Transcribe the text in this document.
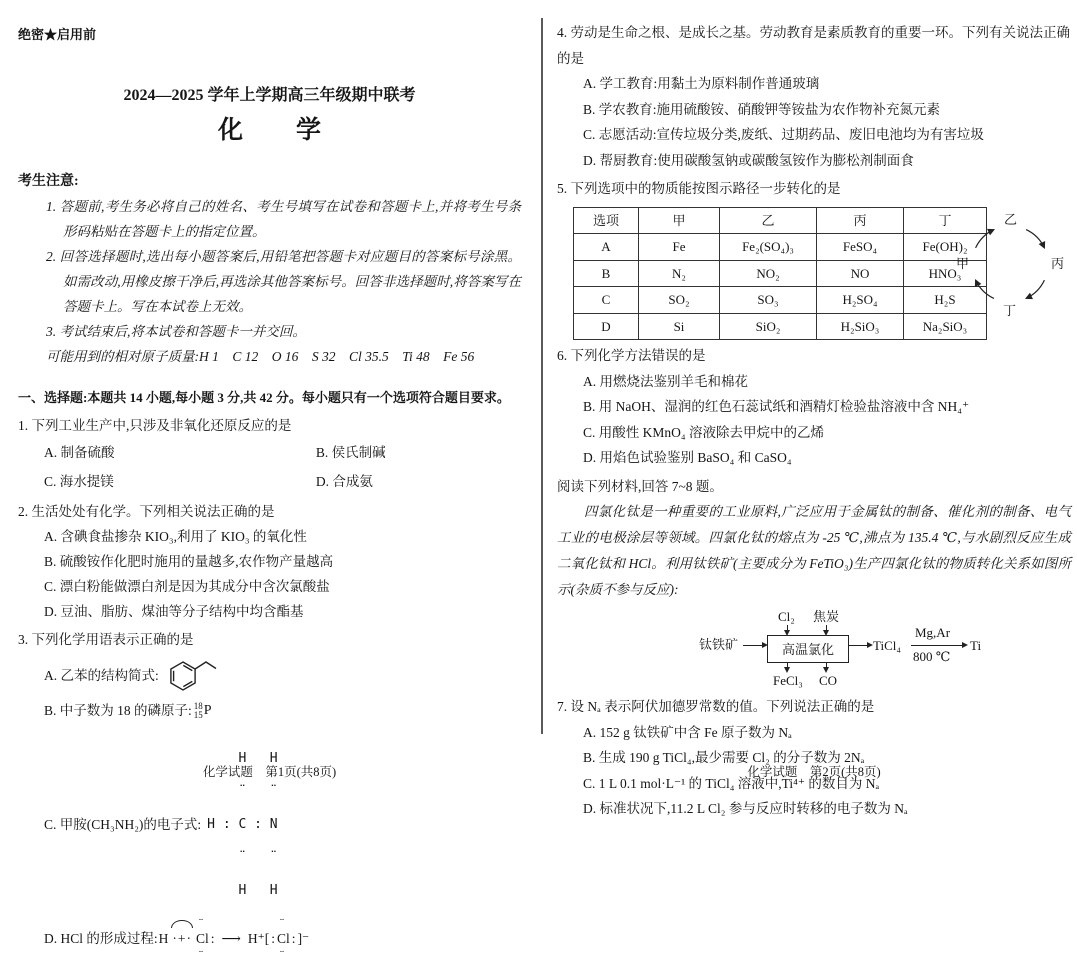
绝密★启用前
2024—2025 学年上学期高三年级期中联考
化　学
考生注意:
1. 答题前,考生务必将自己的姓名、考生号填写在试卷和答题卡上,并将考生号条形码粘贴在答题卡上的指定位置。
2. 回答选择题时,选出每小题答案后,用铅笔把答题卡对应题目的答案标号涂黑。如需改动,用橡皮擦干净后,再选涂其他答案标号。回答非选择题时,将答案写在答题卡上。写在本试卷上无效。
3. 考试结束后,将本试卷和答题卡一并交回。
可能用到的相对原子质量:H 1　C 12　O 16　S 32　Cl 35.5　Ti 48　Fe 56
一、选择题:本题共 14 小题,每小题 3 分,共 42 分。每小题只有一个选项符合题目要求。
1. 下列工业生产中,只涉及非氧化还原反应的是
A. 制备硫酸	B. 侯氏制碱
C. 海水提镁	D. 合成氨
2. 生活处处有化学。下列相关说法正确的是
A. 含碘食盐掺杂 KIO₃,利用了 KIO₃ 的氧化性
B. 硫酸铵作化肥时施用的量越多,农作物产量越高
C. 漂白粉能做漂白剂是因为其成分中含次氯酸盐
D. 豆油、脂肪、煤油等分子结构中均含酯基
3. 下列化学用语表示正确的是
A. 乙苯的结构简式:
B. 中子数为 18 的磷原子: 18
15 P
C. 甲胺(CH₃NH₂)的电子式:

H   H

¨   ¨

H : C : N

¨   ¨

H   H

D. HCl 的形成过程: H ·+·
¨
Cl
¨
: ⟶ H⁺[ :
¨
Cl
¨
: ]⁻
4. 劳动是生命之根、是成长之基。劳动教育是素质教育的重要一环。下列有关说法正确的是
A. 学工教育:用黏土为原料制作普通玻璃
B. 学农教育:施用硫酸铵、硝酸钾等铵盐为农作物补充氮元素
C. 志愿活动:宣传垃圾分类,废纸、过期药品、废旧电池均为有害垃圾
D. 帮厨教育:使用碳酸氢钠或碳酸氢铵作为膨松剂制面食
5. 下列选项中的物质能按图示路径一步转化的是
选项	甲	乙	丙	丁
A	Fe	Fe₂(SO₄)₃	FeSO₄	Fe(OH)₂
B	N₂	NO₂	NO	HNO₃
C	SO₂	SO₃	H₂SO₄	H₂S
D	Si	SiO₂	H₂SiO₃	Na₂SiO₃
乙
丙
丁
甲
6. 下列化学方法错误的是
A. 用燃烧法鉴别羊毛和棉花
B. 用 NaOH、湿润的红色石蕊试纸和酒精灯检验盐溶液中含 NH₄⁺
C. 用酸性 KMnO₄ 溶液除去甲烷中的乙烯
D. 用焰色试验鉴别 BaSO₄ 和 CaSO₄
阅读下列材料,回答 7~8 题。
四氯化钛是一种重要的工业原料,广泛应用于金属钛的制备、催化剂的制备、电气工业的电极涂层等领域。四氯化钛的熔点为 -25 ℃,沸点为 135.4 ℃,与水剧烈反应生成二氧化钛和 HCl。利用钛铁矿(主要成分为 FeTiO₃)生产四氯化钛的物质转化关系如图所示(杂质不参与反应):
钛铁矿	高温氯化
Cl₂ 焦炭
FeCl₃ CO
TiCl₄
Mg,Ar
800 ℃
Ti
7. 设 Nₐ 表示阿伏加德罗常数的值。下列说法正确的是
A. 152 g 钛铁矿中含 Fe 原子数为 Nₐ
B. 生成 190 g TiCl₄,最少需要 Cl₂ 的分子数为 2Nₐ
C. 1 L 0.1 mol·L⁻¹ 的 TiCl₄ 溶液中,Ti⁴⁺ 的数目为 Nₐ
D. 标准状况下,11.2 L Cl₂ 参与反应时转移的电子数为 Nₐ
化学试题　第1页(共8页)	化学试题　第2页(共8页)
